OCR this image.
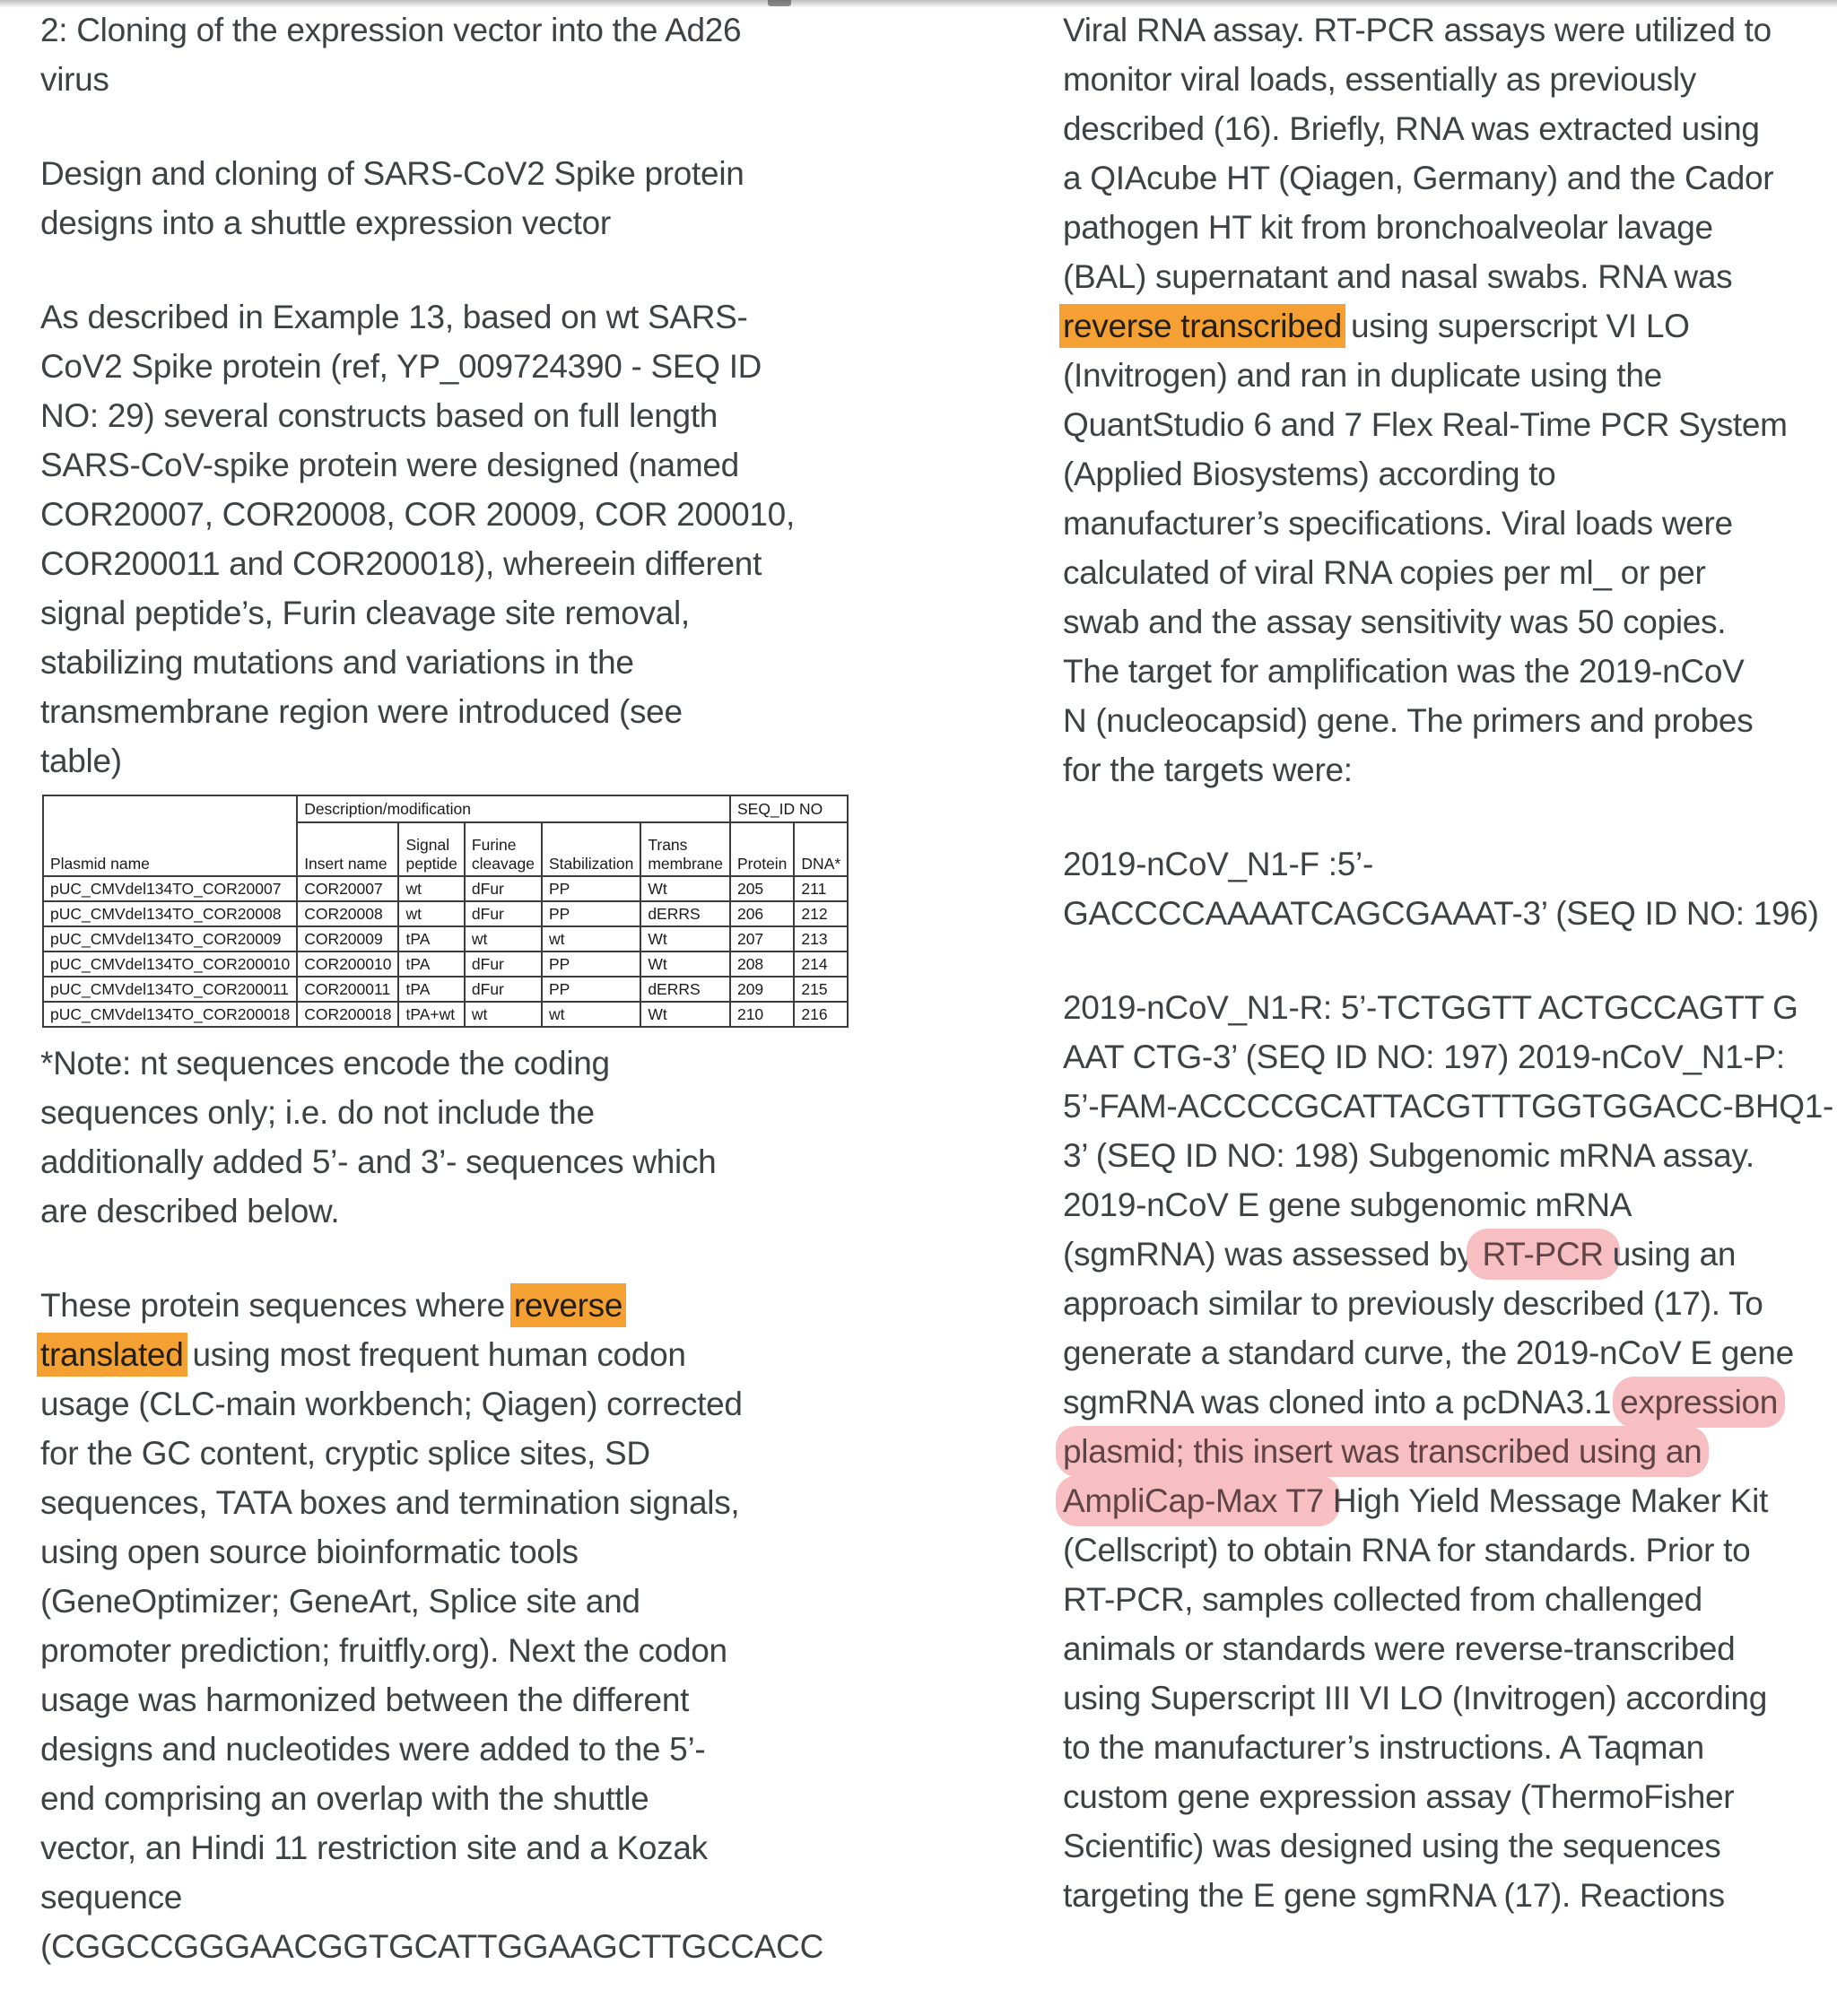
2: Cloning of the expression vector into the Ad26
virus
Design and cloning of SARS-CoV2 Spike protein
designs into a shuttle expression vector
As described in Example 13, based on wt SARS-
CoV2 Spike protein (ref, YP_009724390 - SEQ ID
NO: 29) several constructs based on full length
SARS-CoV-spike protein were designed (named
COR20007, COR20008, COR 20009, COR 200010,
COR200011 and COR200018), whereein different
signal peptide’s, Furin cleavage site removal,
stabilizing mutations and variations in the
transmembrane region were introduced (see
table)
Plasmid name	Description/modification					SEQ_ID NO	
	Insert name	Signal peptide	Furine cleavage	Stabilization	Trans membrane	Protein	DNA*
pUC_CMVdel134TO_COR20007	COR20007	wt	dFur	PP	Wt	205	211
pUC_CMVdel134TO_COR20008	COR20008	wt	dFur	PP	dERRS	206	212
pUC_CMVdel134TO_COR20009	COR20009	tPA	wt	wt	Wt	207	213
pUC_CMVdel134TO_COR200010	COR200010	tPA	dFur	PP	Wt	208	214
pUC_CMVdel134TO_COR200011	COR200011	tPA	dFur	PP	dERRS	209	215
pUC_CMVdel134TO_COR200018	COR200018	tPA+wt	wt	wt	Wt	210	216
*Note: nt sequences encode the coding
sequences only; i.e. do not include the
additionally added 5’- and 3’- sequences which
are described below.
These protein sequences where reverse
translated using most frequent human codon
usage (CLC-main workbench; Qiagen) corrected
for the GC content, cryptic splice sites, SD
sequences, TATA boxes and termination signals,
using open source bioinformatic tools
(GeneOptimizer; GeneArt, Splice site and
promoter prediction; fruitfly.org). Next the codon
usage was harmonized between the different
designs and nucleotides were added to the 5’-
end comprising an overlap with the shuttle
vector, an Hindi 11 restriction site and a Kozak
sequence
(CGGCCGGGAACGGTGCATTGGAAGCTTGCCACC
Viral RNA assay. RT-PCR assays were utilized to
monitor viral loads, essentially as previously
described (16). Briefly, RNA was extracted using
a QIAcube HT (Qiagen, Germany) and the Cador
pathogen HT kit from bronchoalveolar lavage
(BAL) supernatant and nasal swabs. RNA was
reverse transcribed using superscript VI LO
(Invitrogen) and ran in duplicate using the
QuantStudio 6 and 7 Flex Real-Time PCR System
(Applied Biosystems) according to
manufacturer’s specifications. Viral loads were
calculated of viral RNA copies per ml_ or per
swab and the assay sensitivity was 50 copies.
The target for amplification was the 2019-nCoV
N (nucleocapsid) gene. The primers and probes
for the targets were:
2019-nCoV_N1-F :5’-
GACCCCAAAATCAGCGAAAT-3’ (SEQ ID NO: 196)
2019-nCoV_N1-R: 5’-TCTGGTT ACTGCCAGTT G
AAT CTG-3’ (SEQ ID NO: 197) 2019-nCoV_N1-P:
5’-FAM-ACCCCGCATTACGTTTGGTGGACC-BHQ1-
3’ (SEQ ID NO: 198) Subgenomic mRNA assay.
2019-nCoV E gene subgenomic mRNA
(sgmRNA) was assessed by RT-PCR using an
approach similar to previously described (17). To
generate a standard curve, the 2019-nCoV E gene
sgmRNA was cloned into a pcDNA3.1 expression
plasmid; this insert was transcribed using an
AmpliCap-Max T7 High Yield Message Maker Kit
(Cellscript) to obtain RNA for standards. Prior to
RT-PCR, samples collected from challenged
animals or standards were reverse-transcribed
using Superscript III VI LO (Invitrogen) according
to the manufacturer’s instructions. A Taqman
custom gene expression assay (ThermoFisher
Scientific) was designed using the sequences
targeting the E gene sgmRNA (17). Reactions
